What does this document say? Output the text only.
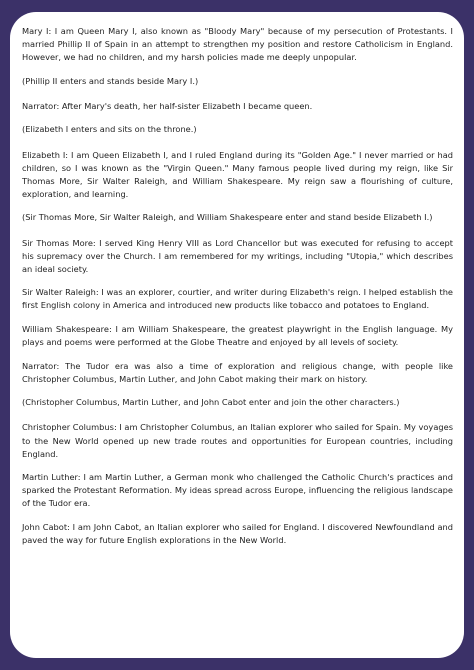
Mary I: I am Queen Mary I, also known as "Bloody Mary" because of my persecution of Protestants. I married Phillip II of Spain in an attempt to strengthen my position and restore Catholicism in England. However, we had no children, and my harsh policies made me deeply unpopular.

(Phillip II enters and stands beside Mary I.)

Narrator: After Mary's death, her half-sister Elizabeth I became queen.

(Elizabeth I enters and sits on the throne.)

Elizabeth I: I am Queen Elizabeth I, and I ruled England during its "Golden Age." I never married or had children, so I was known as the "Virgin Queen." Many famous people lived during my reign, like Sir Thomas More, Sir Walter Raleigh, and William Shakespeare. My reign saw a flourishing of culture, exploration, and learning.

(Sir Thomas More, Sir Walter Raleigh, and William Shakespeare enter and stand beside Elizabeth I.)

Sir Thomas More: I served King Henry VIII as Lord Chancellor but was executed for refusing to accept his supremacy over the Church. I am remembered for my writings, including "Utopia," which describes an ideal society.

Sir Walter Raleigh: I was an explorer, courtier, and writer during Elizabeth's reign. I helped establish the first English colony in America and introduced new products like tobacco and potatoes to England.

William Shakespeare: I am William Shakespeare, the greatest playwright in the English language. My plays and poems were performed at the Globe Theatre and enjoyed by all levels of society.

Narrator: The Tudor era was also a time of exploration and religious change, with people like Christopher Columbus, Martin Luther, and John Cabot making their mark on history.

(Christopher Columbus, Martin Luther, and John Cabot enter and join the other characters.)

Christopher Columbus: I am Christopher Columbus, an Italian explorer who sailed for Spain. My voyages to the New World opened up new trade routes and opportunities for European countries, including England.

Martin Luther: I am Martin Luther, a German monk who challenged the Catholic Church's practices and sparked the Protestant Reformation. My ideas spread across Europe, influencing the religious landscape of the Tudor era.

John Cabot: I am John Cabot, an Italian explorer who sailed for England. I discovered Newfoundland and paved the way for future English explorations in the New World.
